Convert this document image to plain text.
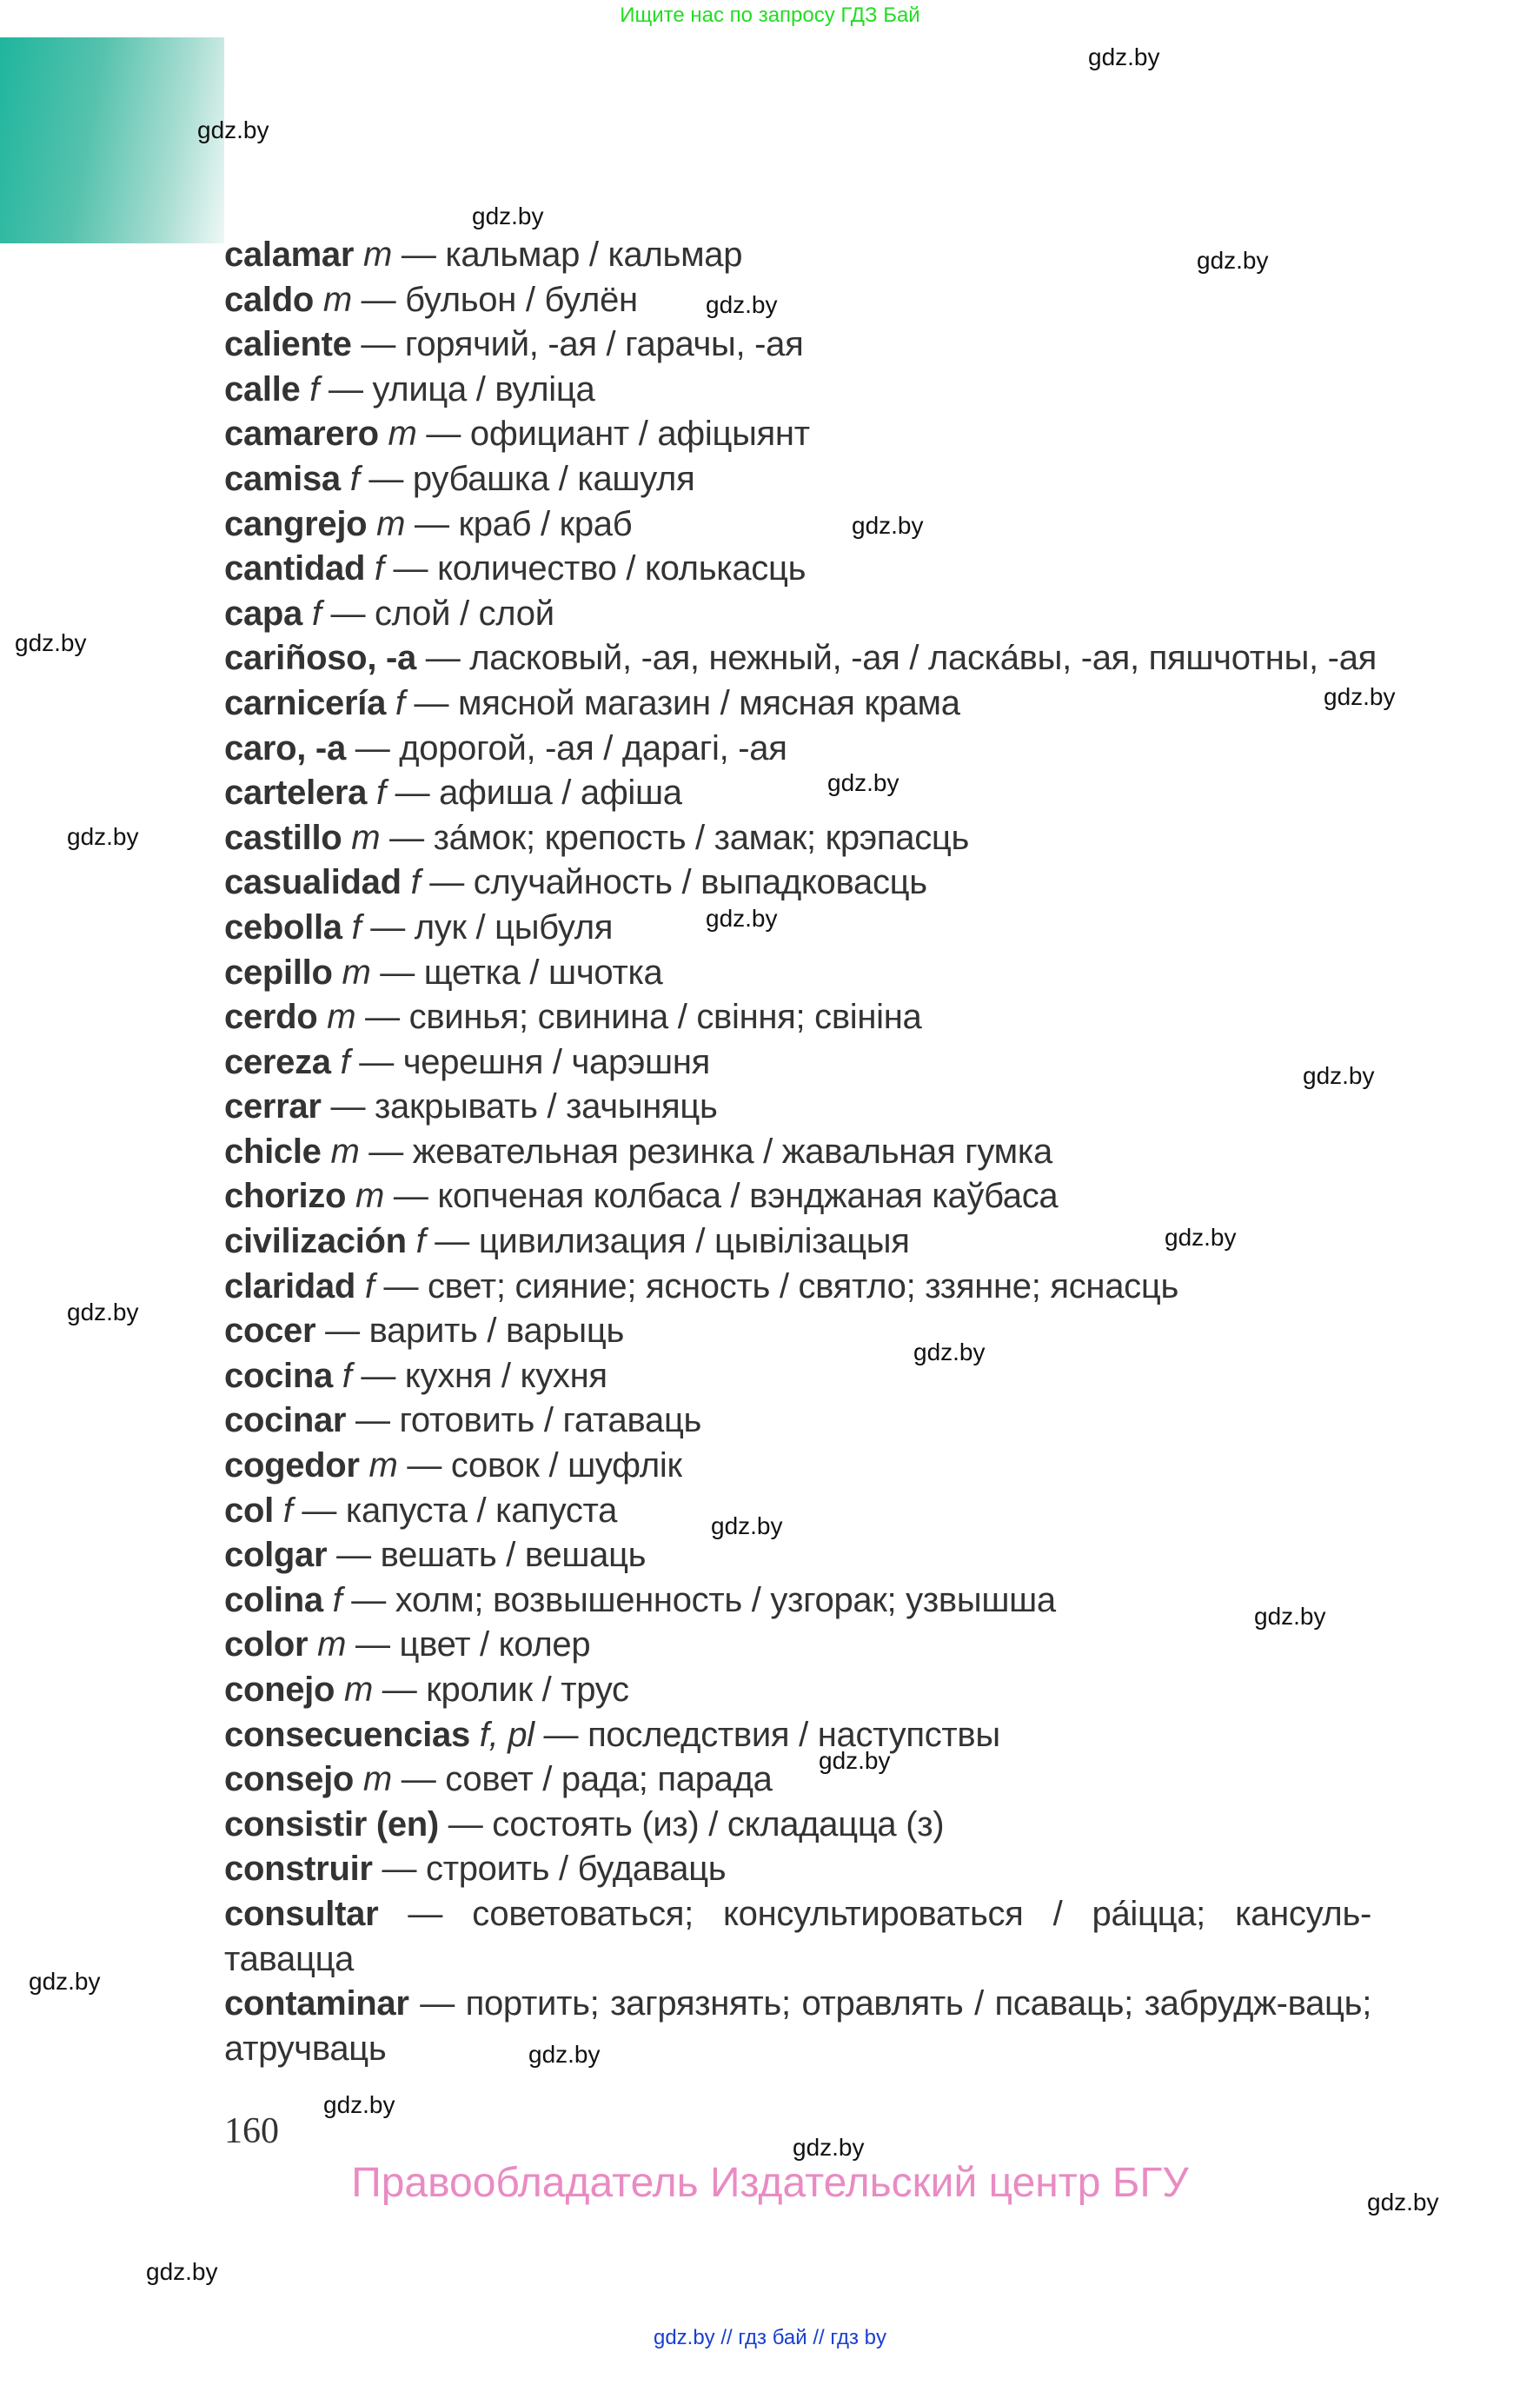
Ищите нас по запросу ГДЗ Бай
calamar m — кальмар / кальмар
caldo m — бульон / булён
caliente — горячий, -ая / гарачы, -ая
calle f — улица / вуліца
camarero m — официант / афіцыянт
camisa f — рубашка / кашуля
cangrejo m — краб / краб
cantidad f — количество / колькасць
capa f — слой / слой
cariñoso, -a — ласковый, -ая, нежный, -ая / ласка́вы, -ая, пяшчотны, -ая
carnicería f — мясной магазин / мясная крама
caro, -a — дорогой, -ая / дарагі, -ая
cartelera f — афиша / афіша
castillo m — за́мок; крепость / замак; крэпасць
casualidad f — случайность / выпадковасць
cebolla f — лук / цыбуля
cepillo m — щетка / шчотка
cerdo m — свинья; свинина / свіння; свініна
cereza f — черешня / чарэшня
cerrar — закрывать / зачыняць
chicle m — жевательная резинка / жавальная гумка
chorizo m — копченая колбаса / вэнджаная каўбаса
civilización f — цивилизация / цывілізацыя
claridad f — свет; сияние; ясность / святло; ззянне; яснасць
cocer — варить / варыць
cocina f — кухня / кухня
cocinar — готовить / гатаваць
cogedor m — совок / шуфлік
col f — капуста / капуста
colgar — вешать / вешаць
colina f — холм; возвышенность / узгорак; узвышша
color m — цвет / колер
conejo m — кролик / трус
consecuencias f, pl — последствия / наступствы
consejo m — совет / рада; парада
consistir (en) — состоять (из) / складацца (з)
construir — строить / будаваць
consultar — советоваться; консультироваться / ра́іцца; кансуль-​тавацца
contaminar — портить; загрязнять; отравлять / псаваць; забрудж-​ваць; атручваць
gdz.by
gdz.by
gdz.by
gdz.by
gdz.by
gdz.by
gdz.by
gdz.by
gdz.by
gdz.by
gdz.by
gdz.by
gdz.by
gdz.by
gdz.by
gdz.by
gdz.by
gdz.by
gdz.by
gdz.by
gdz.by
gdz.by
gdz.by
gdz.by
160
Правообладатель Издательский центр БГУ
gdz.by // гдз бай // гдз by
